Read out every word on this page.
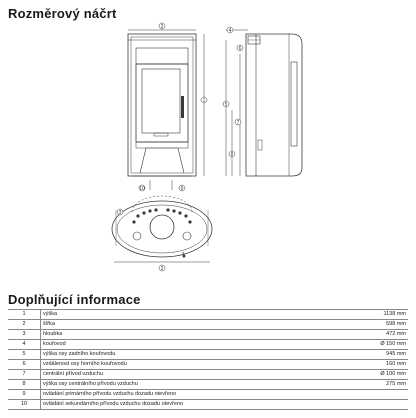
Rozměrový náčrt
2
1
10	9
4
6
5
7
8
3
2
Doplňující informace
1	výška	1138 mm
2	šířka	598 mm
3	hloubka	472 mm
4	kouřovod	Ø 150 mm
5	výška osy zadního kouřovodu	945 mm
6	vzdálenost osy horního kouřovodu	160 mm
7	centrální přívod vzduchu	Ø 100 mm
8	výška osy centrálního přívodu vzduchu	275 mm
9	ovládání primárního přívodu vzduchu dozadu otevřeno	
10	ovládání sekundárního přívodu vzduchu dozadu otevřeno	
